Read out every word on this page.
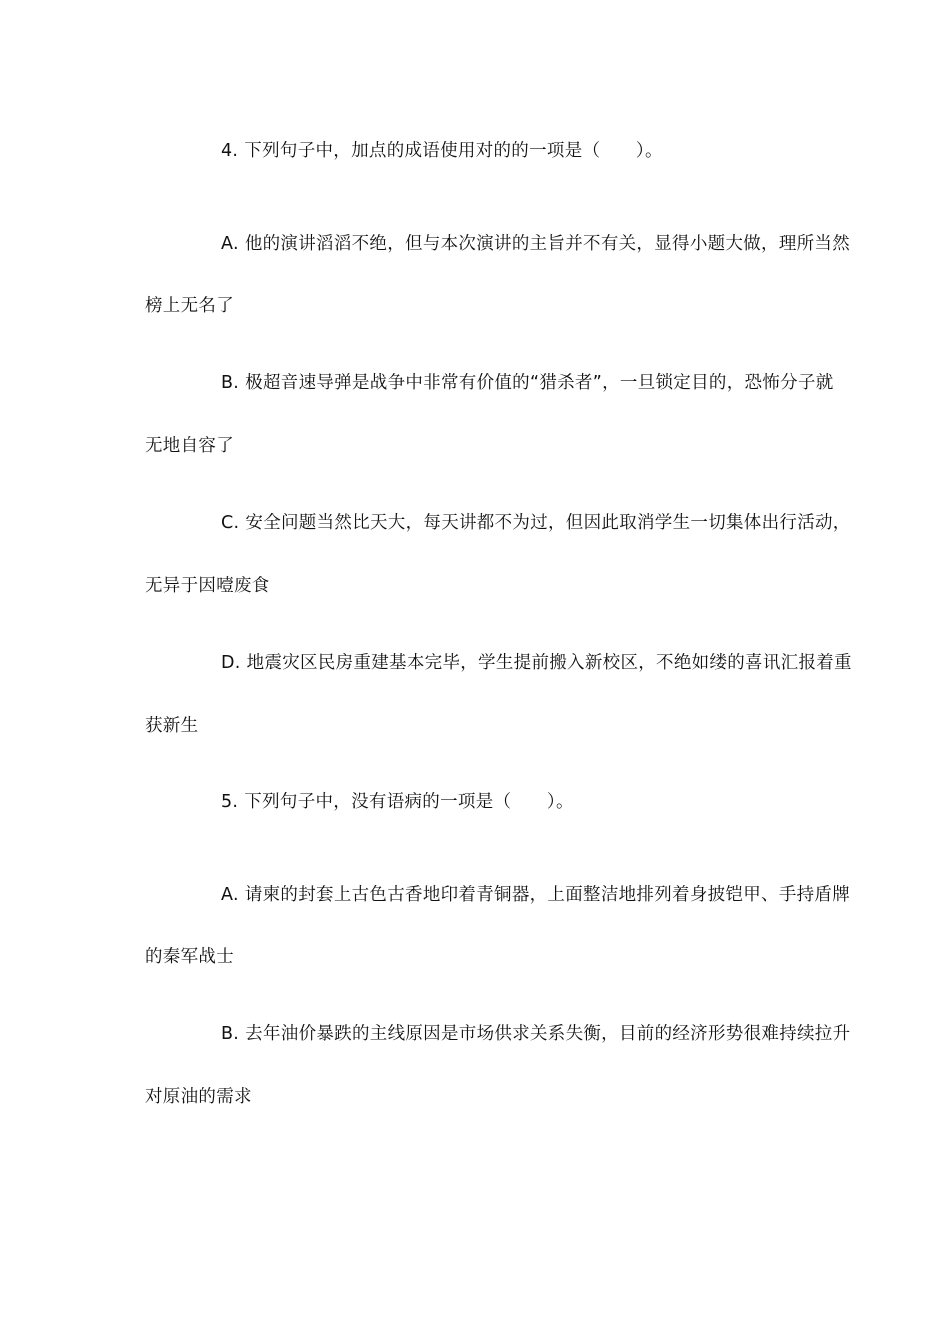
4. 下列句子中，加点的成语使用对的的一项是（　　）。
A. 他的演讲滔滔不绝，但与本次演讲的主旨并不有关，显得小题大做，理所当然
榜上无名了
B. 极超音速导弹是战争中非常有价值的“猎杀者”，一旦锁定目的，恐怖分子就
无地自容了
C. 安全问题当然比天大，每天讲都不为过，但因此取消学生一切集体出行活动，
无异于因噎废食
D. 地震灾区民房重建基本完毕，学生提前搬入新校区，不绝如缕的喜讯汇报着重
获新生
5. 下列句子中，没有语病的一项是（　　）。
A. 请柬的封套上古色古香地印着青铜器，上面整洁地排列着身披铠甲、手持盾牌
的秦军战士
B. 去年油价暴跌的主线原因是市场供求关系失衡，目前的经济形势很难持续拉升
对原油的需求
